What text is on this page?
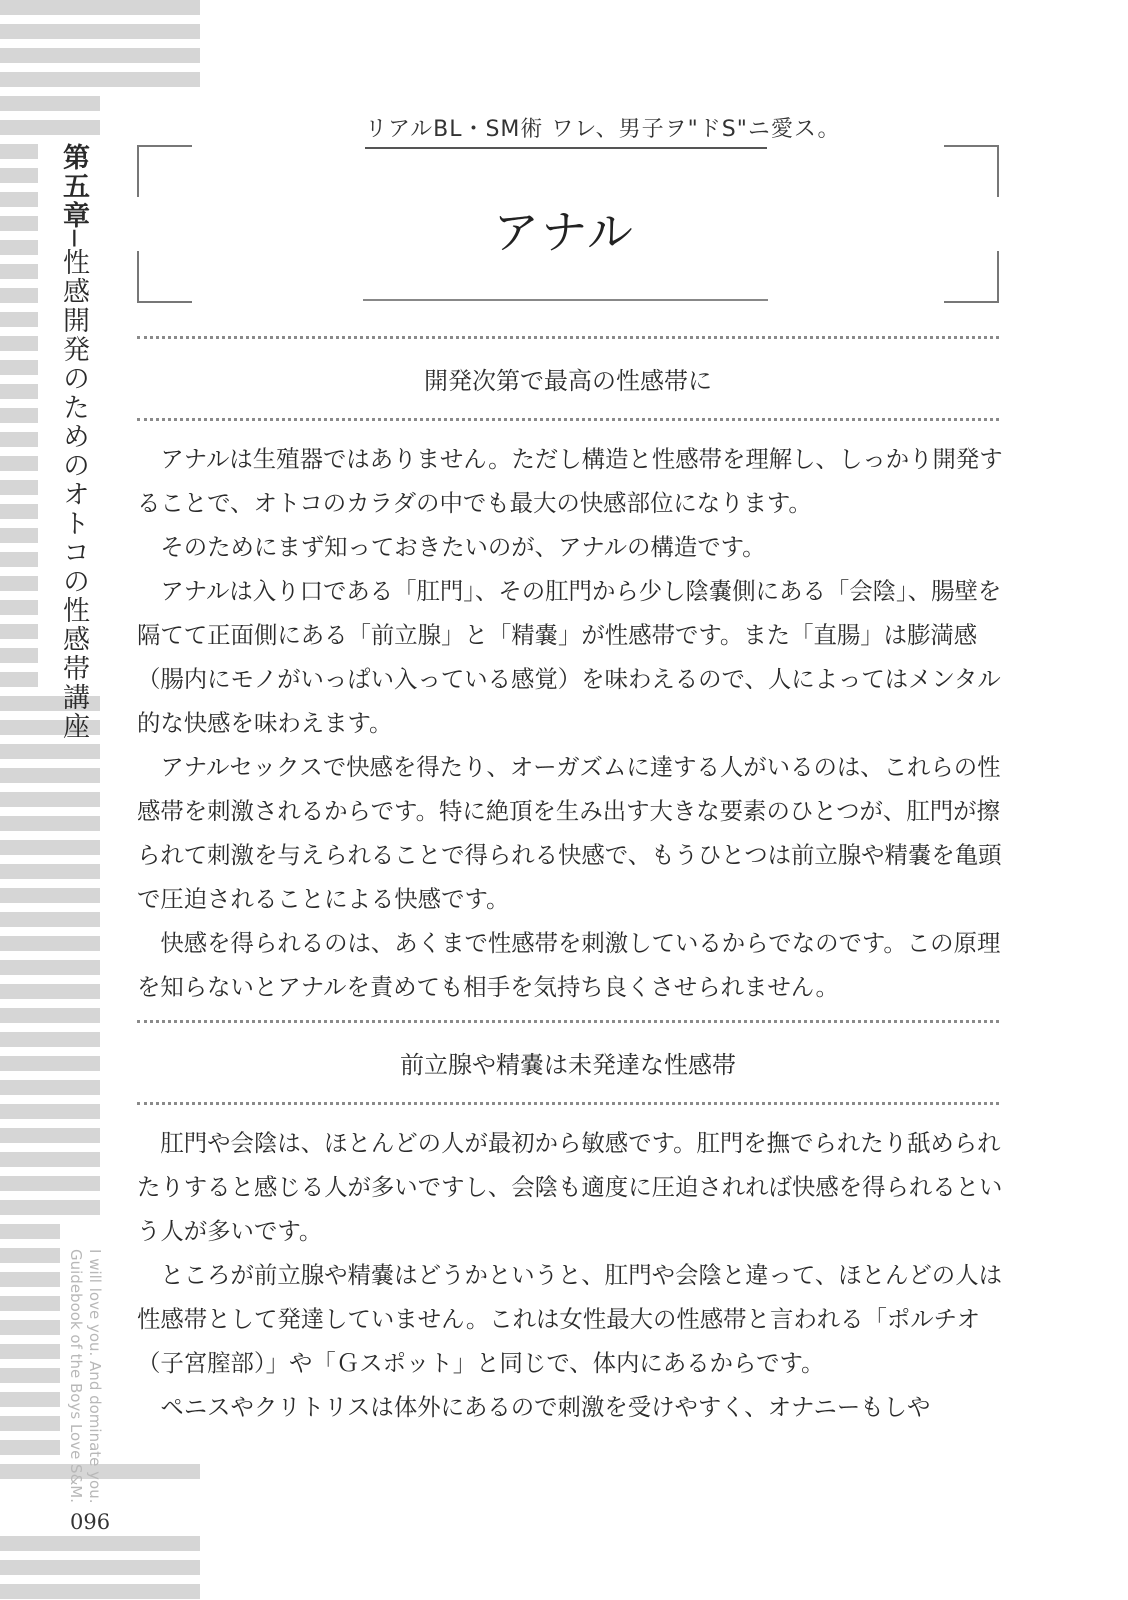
リアルBL・SM術 ワレ、男子ヲ"ドS"ニ愛ス。
第五章─性感開発のためのオトコの性感帯講座
アナル
開発次第で最高の性感帯に

アナルは生殖器ではありません。ただし構造と性感帯を理解し、しっかり開発することで、オトコのカラダの中でも最大の快感部位になります。

そのためにまず知っておきたいのが、アナルの構造です。

アナルは入り口である「肛門」、その肛門から少し陰嚢側にある「会陰」、腸壁を隔てて正面側にある「前立腺」と「精嚢」が性感帯です。また「直腸」は膨満感（腸内にモノがいっぱい入っている感覚）を味わえるので、人によってはメンタル的な快感を味わえます。

アナルセックスで快感を得たり、オーガズムに達する人がいるのは、これらの性感帯を刺激されるからです。特に絶頂を生み出す大きな要素のひとつが、肛門が擦られて刺激を与えられることで得られる快感で、もうひとつは前立腺や精嚢を亀頭で圧迫されることによる快感です。

快感を得られるのは、あくまで性感帯を刺激しているからでなのです。この原理を知らないとアナルを責めても相手を気持ち良くさせられません。

前立腺や精嚢は未発達な性感帯

肛門や会陰は、ほとんどの人が最初から敏感です。肛門を撫でられたり舐められたりすると感じる人が多いですし、会陰も適度に圧迫されれば快感を得られるという人が多いです。

ところが前立腺や精嚢はどうかというと、肛門や会陰と違って、ほとんどの人は性感帯として発達していません。これは女性最大の性感帯と言われる「ポルチオ（子宮膣部）」や「Ｇスポット」と同じで、体内にあるからです。

ペニスやクリトリスは体外にあるので刺激を受けやすく、オナニーもしや

I will love you. And dominate you.
Guidebook of the Boys Love S&M.
096
